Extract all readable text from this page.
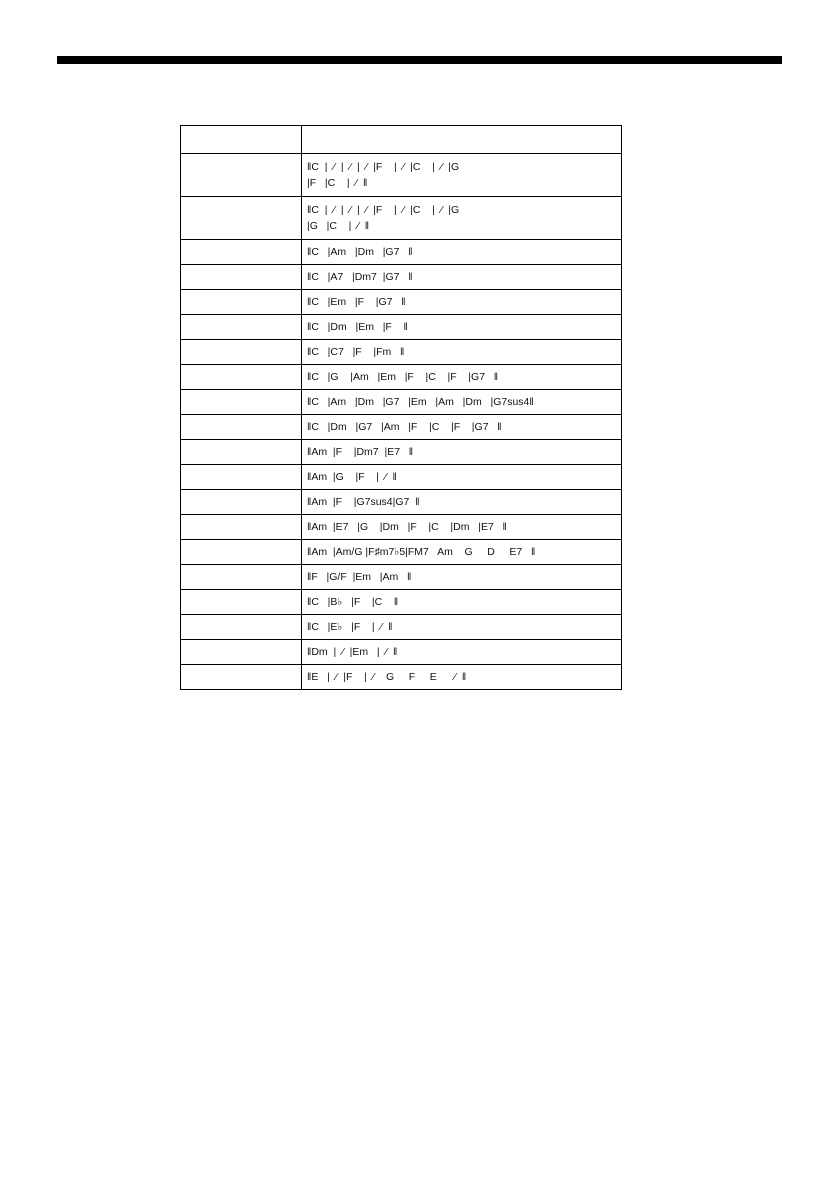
	‖C  |  ⁄  |  ⁄  |  ⁄  |F    |  ⁄  |C    |  ⁄  |G
|F   |C    |  ⁄  ‖

	‖C  |  ⁄  |  ⁄  |  ⁄  |F    |  ⁄  |C    |  ⁄  |G
|G   |C    |  ⁄  ‖

	‖C   |Am   |Dm   |G7   ‖

	‖C   |A7   |Dm7  |G7   ‖

	‖C   |Em   |F    |G7   ‖

	‖C   |Dm   |Em   |F    ‖

	‖C   |C7   |F    |Fm   ‖

	‖C   |G    |Am   |Em   |F    |C    |F    |G7   ‖

	‖C   |Am   |Dm   |G7   |Em   |Am   |Dm   |G7sus4‖

	‖C   |Dm   |G7   |Am   |F    |C    |F    |G7   ‖

	‖Am  |F    |Dm7  |E7   ‖

	‖Am  |G    |F    |  ⁄  ‖

	‖Am  |F    |G7sus4|G7  ‖

	‖Am  |E7   |G    |Dm   |F    |C    |Dm   |E7   ‖

	‖Am  |Am/G |F♯m7♭5|FM7   Am    G     D     E7   ‖

	‖F   |G/F  |Em   |Am   ‖

	‖C   |B♭   |F    |C    ‖

	‖C   |E♭   |F    |  ⁄  ‖

	‖Dm  |  ⁄  |Em   |  ⁄  ‖

	‖E   |  ⁄  |F    |  ⁄    G     F     E      ⁄  ‖
